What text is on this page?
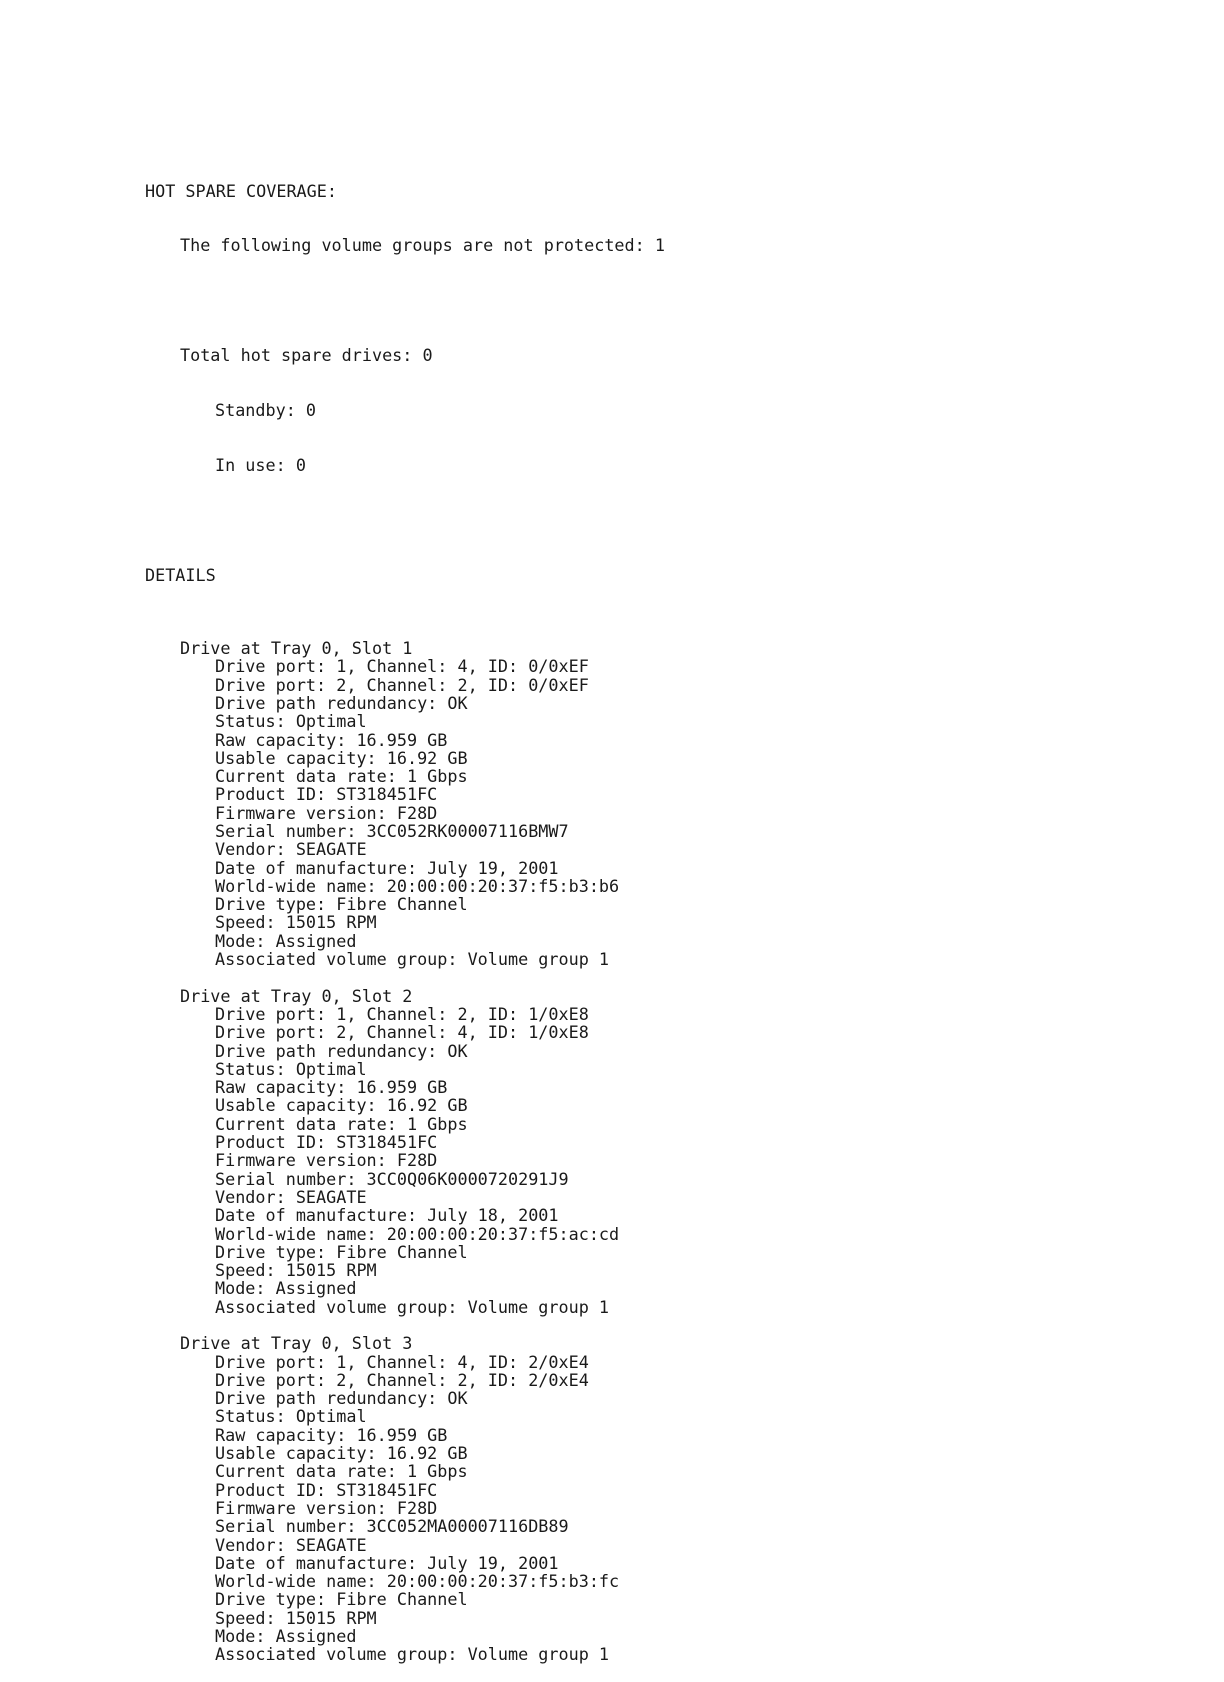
HOT SPARE COVERAGE:

The following volume groups are not protected: 1

Total hot spare drives: 0

Standby: 0

In use: 0

DETAILS

Drive at Tray 0, Slot 1
Drive port: 1, Channel: 4, ID: 0/0xEF
Drive port: 2, Channel: 2, ID: 0/0xEF
Drive path redundancy: OK
Status: Optimal
Raw capacity: 16.959 GB
Usable capacity: 16.92 GB
Current data rate: 1 Gbps
Product ID: ST318451FC
Firmware version: F28D
Serial number: 3CC052RK00007116BMW7
Vendor: SEAGATE
Date of manufacture: July 19, 2001
World-wide name: 20:00:00:20:37:f5:b3:b6
Drive type: Fibre Channel
Speed: 15015 RPM
Mode: Assigned
Associated volume group: Volume group 1
Drive at Tray 0, Slot 2
Drive port: 1, Channel: 2, ID: 1/0xE8
Drive port: 2, Channel: 4, ID: 1/0xE8
Drive path redundancy: OK
Status: Optimal
Raw capacity: 16.959 GB
Usable capacity: 16.92 GB
Current data rate: 1 Gbps
Product ID: ST318451FC
Firmware version: F28D
Serial number: 3CC0Q06K0000720291J9
Vendor: SEAGATE
Date of manufacture: July 18, 2001
World-wide name: 20:00:00:20:37:f5:ac:cd
Drive type: Fibre Channel
Speed: 15015 RPM
Mode: Assigned
Associated volume group: Volume group 1
Drive at Tray 0, Slot 3
Drive port: 1, Channel: 4, ID: 2/0xE4
Drive port: 2, Channel: 2, ID: 2/0xE4
Drive path redundancy: OK
Status: Optimal
Raw capacity: 16.959 GB
Usable capacity: 16.92 GB
Current data rate: 1 Gbps
Product ID: ST318451FC
Firmware version: F28D
Serial number: 3CC052MA00007116DB89
Vendor: SEAGATE
Date of manufacture: July 19, 2001
World-wide name: 20:00:00:20:37:f5:b3:fc
Drive type: Fibre Channel
Speed: 15015 RPM
Mode: Assigned
Associated volume group: Volume group 1
